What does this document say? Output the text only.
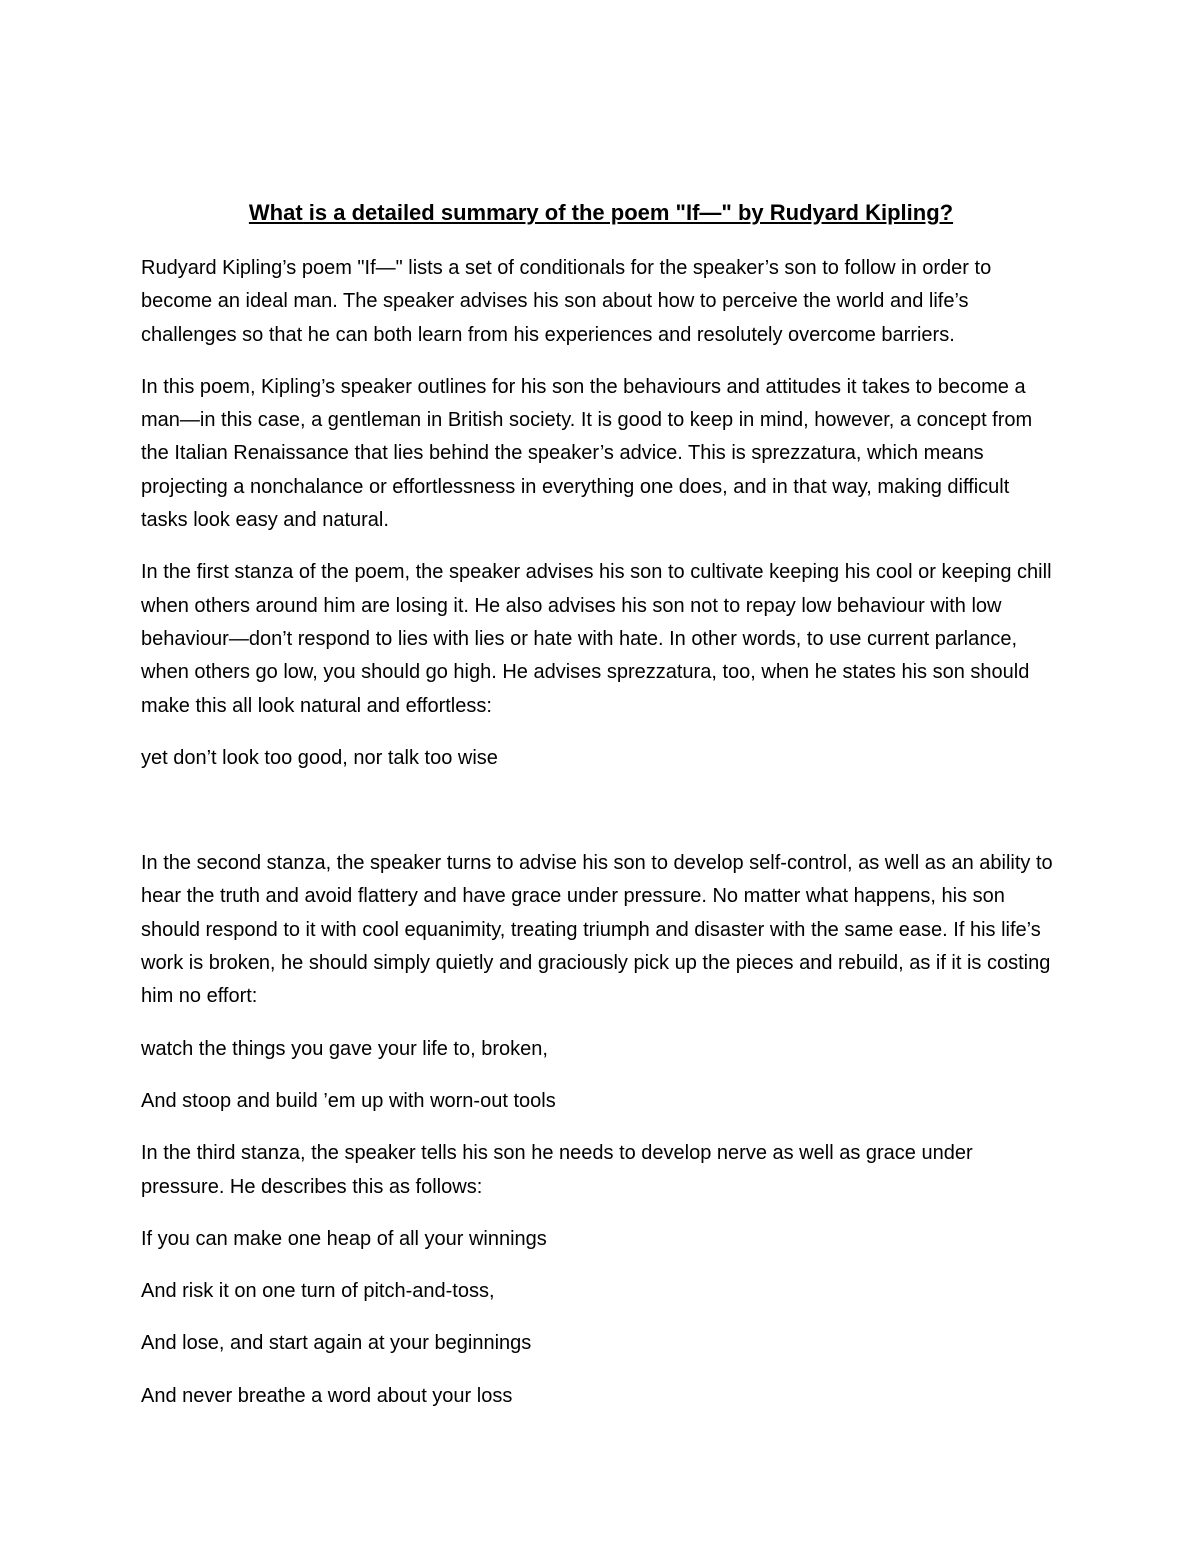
What is a detailed summary of the poem "If—" by Rudyard Kipling?

Rudyard Kipling’s poem "If—" lists a set of conditionals for the speaker’s son to follow in order to become an ideal man. The speaker advises his son about how to perceive the world and life’s challenges so that he can both learn from his experiences and resolutely overcome barriers.

In this poem, Kipling’s speaker outlines for his son the behaviours and attitudes it takes to become a man—in this case, a gentleman in British society. It is good to keep in mind, however, a concept from the Italian Renaissance that lies behind the speaker’s advice. This is sprezzatura, which means projecting a nonchalance or effortlessness in everything one does, and in that way, making difficult tasks look easy and natural.

In the first stanza of the poem, the speaker advises his son to cultivate keeping his cool or keeping chill when others around him are losing it. He also advises his son not to repay low behaviour with low behaviour—don’t respond to lies with lies or hate with hate. In other words, to use current parlance, when others go low, you should go high. He advises sprezzatura, too, when he states his son should make this all look natural and effortless:

yet don’t look too good, nor talk too wise

In the second stanza, the speaker turns to advise his son to develop self-control, as well as an ability to hear the truth and avoid flattery and have grace under pressure. No matter what happens, his son should respond to it with cool equanimity, treating triumph and disaster with the same ease. If his life’s work is broken, he should simply quietly and graciously pick up the pieces and rebuild, as if it is costing him no effort:

watch the things you gave your life to, broken,

And stoop and build ’em up with worn-out tools

In the third stanza, the speaker tells his son he needs to develop nerve as well as grace under pressure. He describes this as follows:

If you can make one heap of all your winnings

And risk it on one turn of pitch-and-toss,

And lose, and start again at your beginnings

And never breathe a word about your loss
